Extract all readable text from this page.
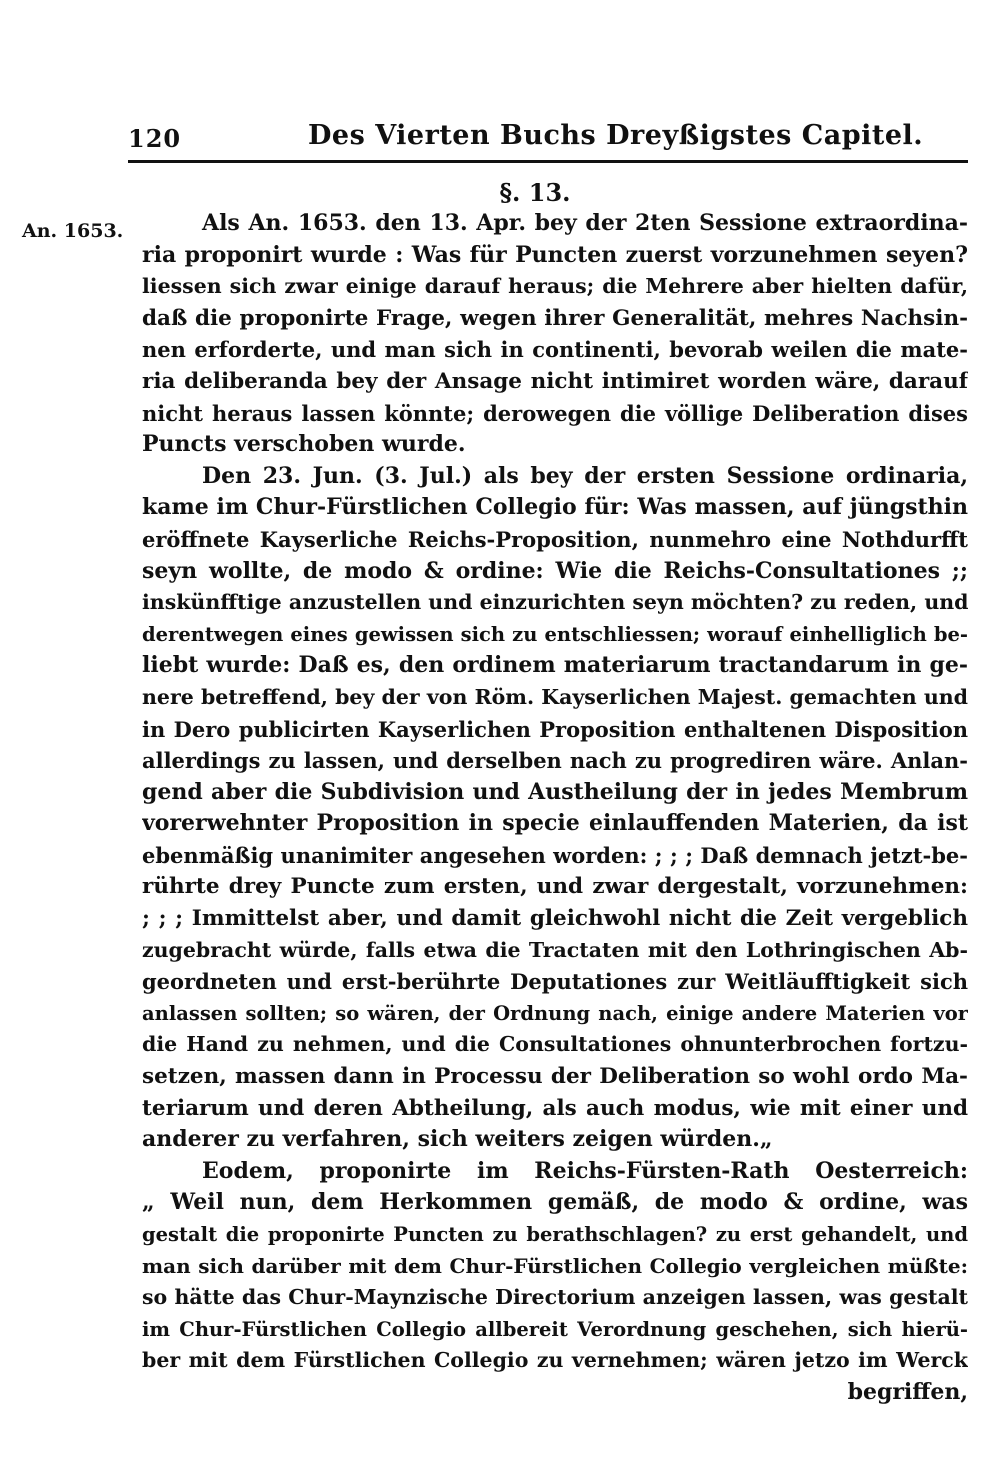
120	Des Vierten Buchs Dreyßigstes Capitel.
§. 13.
An. 1653.	Als An. 1653. den 13. Apr. bey der 2ten Sessione extraordina-
ria proponirt wurde : Was für Puncten zuerst vorzunehmen seyen?
liessen sich zwar einige darauf heraus; die Mehrere aber hielten dafür,
daß die proponirte Frage, wegen ihrer Generalität, mehres Nachsin-
nen erforderte, und man sich in continenti, bevorab weilen die mate-
ria deliberanda bey der Ansage nicht intimiret worden wäre, darauf
nicht heraus lassen könnte; derowegen die völlige Deliberation dises
Puncts verschoben wurde.
Den 23. Jun. (3. Jul.) als bey der ersten Sessione ordinaria,
kame im Chur-Fürstlichen Collegio für: Was massen, auf jüngsthin
eröffnete Kayserliche Reichs-Proposition, nunmehro eine Nothdurfft
seyn wollte, de modo & ordine: Wie die Reichs-Consultationes ;;
inskünfftige anzustellen und einzurichten seyn möchten? zu reden, und
derentwegen eines gewissen sich zu entschliessen; worauf einhelliglich be-
liebt wurde: Daß es, den ordinem materiarum tractandarum in ge-
nere betreffend, bey der von Röm. Kayserlichen Majest. gemachten und
in Dero publicirten Kayserlichen Proposition enthaltenen Disposition
allerdings zu lassen, und derselben nach zu progrediren wäre. Anlan-
gend aber die Subdivision und Austheilung der in jedes Membrum
vorerwehnter Proposition in specie einlauffenden Materien, da ist
ebenmäßig unanimiter angesehen worden: ; ; ; Daß demnach jetzt-be-
rührte drey Puncte zum ersten, und zwar dergestalt, vorzunehmen:
; ; ; Immittelst aber, und damit gleichwohl nicht die Zeit vergeblich
zugebracht würde, falls etwa die Tractaten mit den Lothringischen Ab-
geordneten und erst-berührte Deputationes zur Weitläufftigkeit sich
anlassen sollten; so wären, der Ordnung nach, einige andere Materien vor
die Hand zu nehmen, und die Consultationes ohnunterbrochen fortzu-
setzen, massen dann in Processu der Deliberation so wohl ordo Ma-
teriarum und deren Abtheilung, als auch modus, wie mit einer und
anderer zu verfahren, sich weiters zeigen würden.„
Eodem, proponirte im Reichs-Fürsten-Rath Oesterreich:
„ Weil nun, dem Herkommen gemäß, de modo & ordine, was
gestalt die proponirte Puncten zu berathschlagen? zu erst gehandelt, und
man sich darüber mit dem Chur-Fürstlichen Collegio vergleichen müßte:
so hätte das Chur-Maynzische Directorium anzeigen lassen, was gestalt
im Chur-Fürstlichen Collegio allbereit Verordnung geschehen, sich hierü-
ber mit dem Fürstlichen Collegio zu vernehmen; wären jetzo im Werck
begriffen,
